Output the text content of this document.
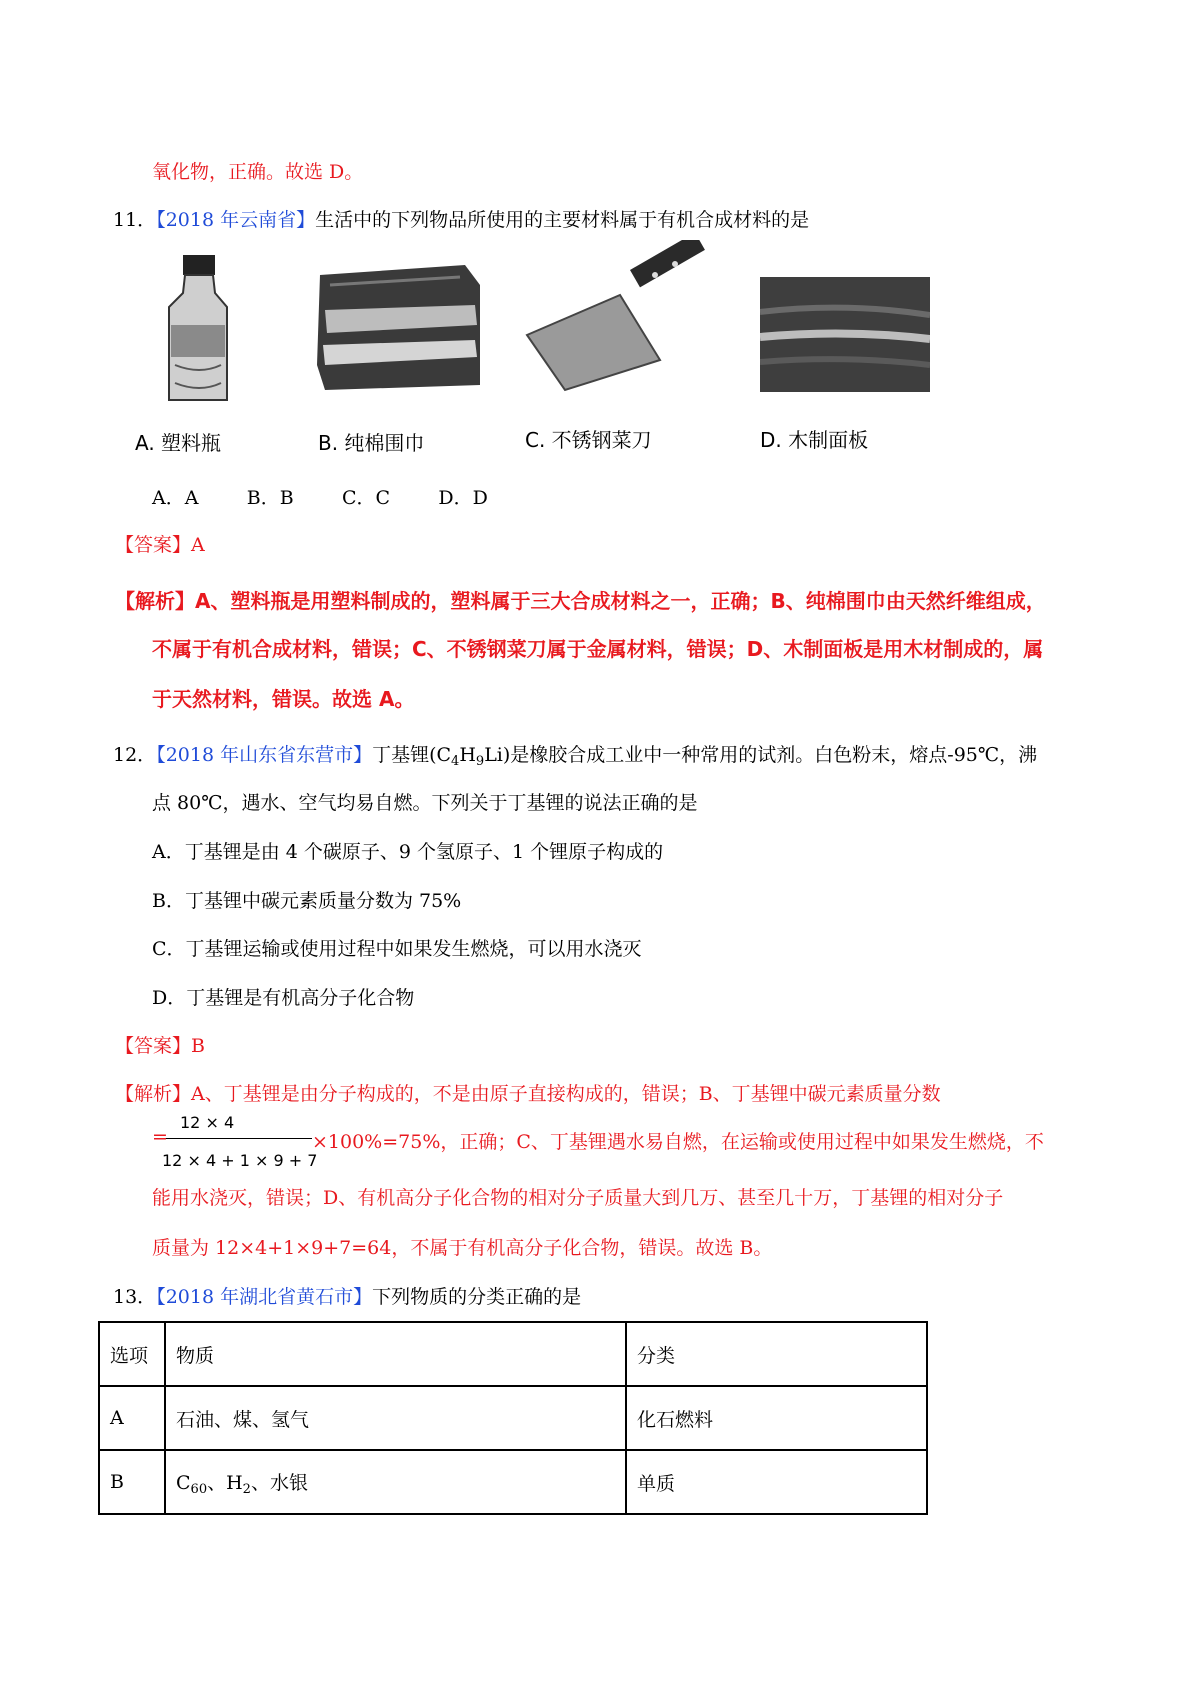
氧化物，正确。故选 D。
11．【2018 年云南省】生活中的下列物品所使用的主要材料属于有机合成材料的是
A. 塑料瓶	B. 纯棉围巾	C. 不锈钢菜刀	D. 木制面板
A．A        B．B        C．C        D．D
【答案】A
【解析】A、塑料瓶是用塑料制成的，塑料属于三大合成材料之一，正确；B、纯棉围巾由天然纤维组成，
不属于有机合成材料，错误；C、不锈钢菜刀属于金属材料，错误；D、木制面板是用木材制成的，属
于天然材料，错误。故选 A。
12．【2018 年山东省东营市】丁基锂$(C_4H_9Li)$是橡胶合成工业中一种常用的试剂。白色粉末，熔点-95℃，沸
点 80℃，遇水、空气均易自燃。下列关于丁基锂的说法正确的是
A．丁基锂是由 4 个碳原子、9 个氢原子、1 个锂原子构成的
B．丁基锂中碳元素质量分数为 75%
C．丁基锂运输或使用过程中如果发生燃烧，可以用水浇灭
D．丁基锂是有机高分子化合物
【答案】B
【解析】A、丁基锂是由分子构成的，不是由原子直接构成的，错误；B、丁基锂中碳元素质量分数
12 × 4
12 × 4 + 1 × 9 + 7
=	×100%=75%，正确；C、丁基锂遇水易自燃，在运输或使用过程中如果发生燃烧，不
能用水浇灭，错误；D、有机高分子化合物的相对分子质量大到几万、甚至几十万，丁基锂的相对分子
质量为 12×4+1×9+7=64，不属于有机高分子化合物，错误。故选 B。
13．【2018 年湖北省黄石市】下列物质的分类正确的是
选项	物质	分类
A	石油、煤、氢气	化石燃料
B	$C_{60}$、$H_2$、水银	单质
